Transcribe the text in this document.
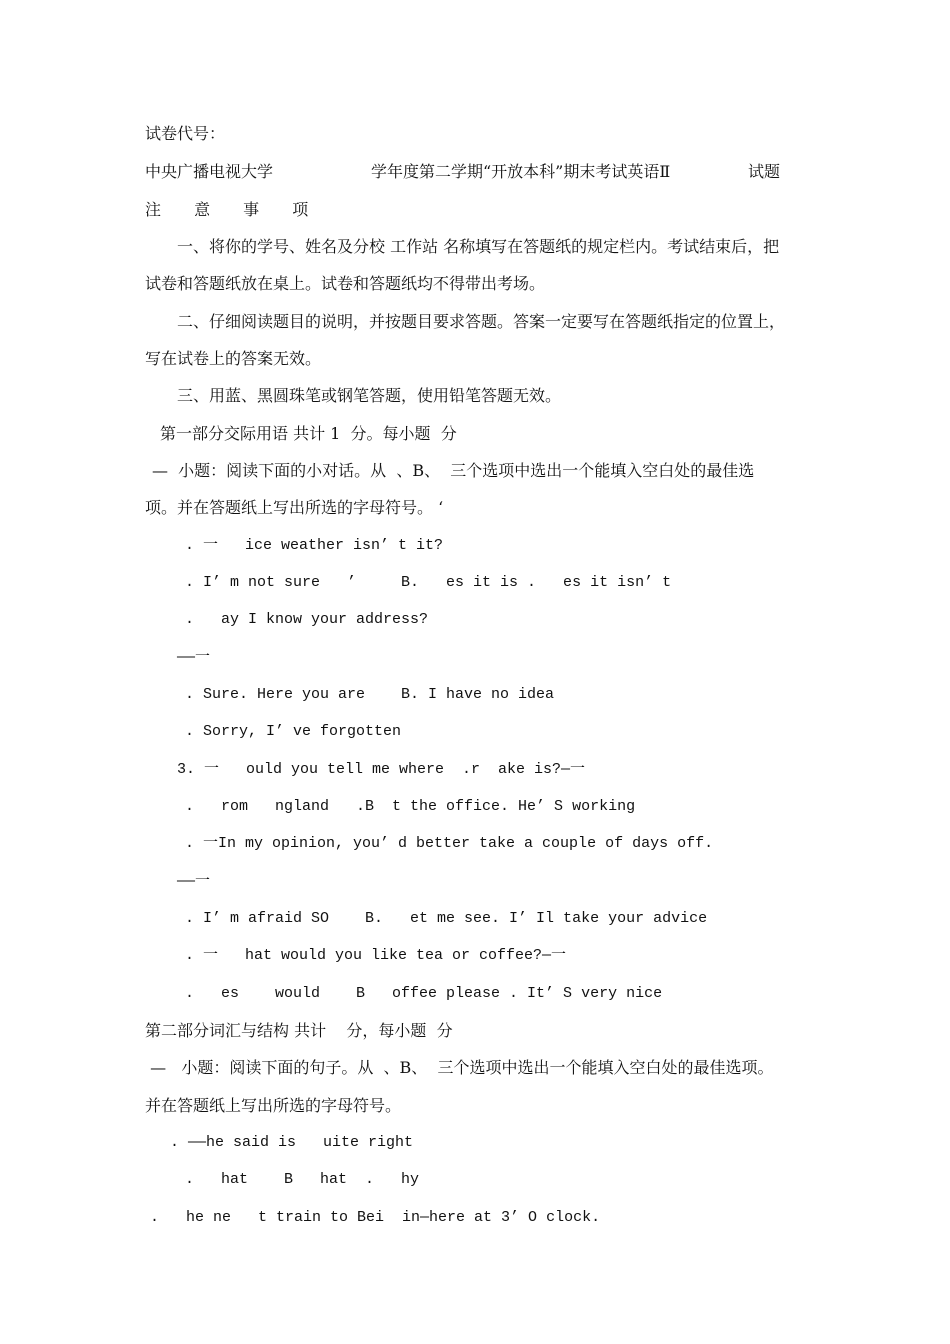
试卷代号：
中央广播电视大学	学年度第二学期“开放本科”期末考试英语Ⅱ	试题
注 意 事 项
一、将你的学号、姓名及分校 工作站 名称填写在答题纸的规定栏内。考试结束后，把
试卷和答题纸放在桌上。试卷和答题纸均不得带出考场。
二、仔细阅读题目的说明，并按题目要求答题。答案一定要写在答题纸指定的位置上，
写在试卷上的答案无效。
三、用蓝、黑圆珠笔或钢笔答题，使用铅笔答题无效。
第一部分交际用语 共计 1  分。每小题  分
—  小题：阅读下面的小对话。从  、B、  三个选项中选出一个能填入空白处的最佳选
项。并在答题纸上写出所选的字母符号。 ‘
. 一   ice weather isn’ t it?
. I’ m not sure   ’     B.   es it is .   es it isn’ t
.   ay I know your address?
——一
. Sure. Here you are    B. I have no idea
. Sorry, I’ ve forgotten
3. 一   ould you tell me where  .r  ake is?—一
.   rom   ngland   .B  t the office. He’ S working
. 一In my opinion, you’ d better take a couple of days off.
——一
. I’ m afraid SO    B.   et me see. I’ Il take your advice
. 一   hat would you like tea or coffee?—一
.   es    would    B   offee please . It’ S very nice
第二部分词汇与结构 共计    分，每小题  分
—   小题：阅读下面的句子。从  、B、  三个选项中选出一个能填入空白处的最佳选项。
并在答题纸上写出所选的字母符号。
. ——he said is   uite right
.   hat    B   hat  .   hy
.   he ne   t train to Bei  in—here at 3’ O clock.
